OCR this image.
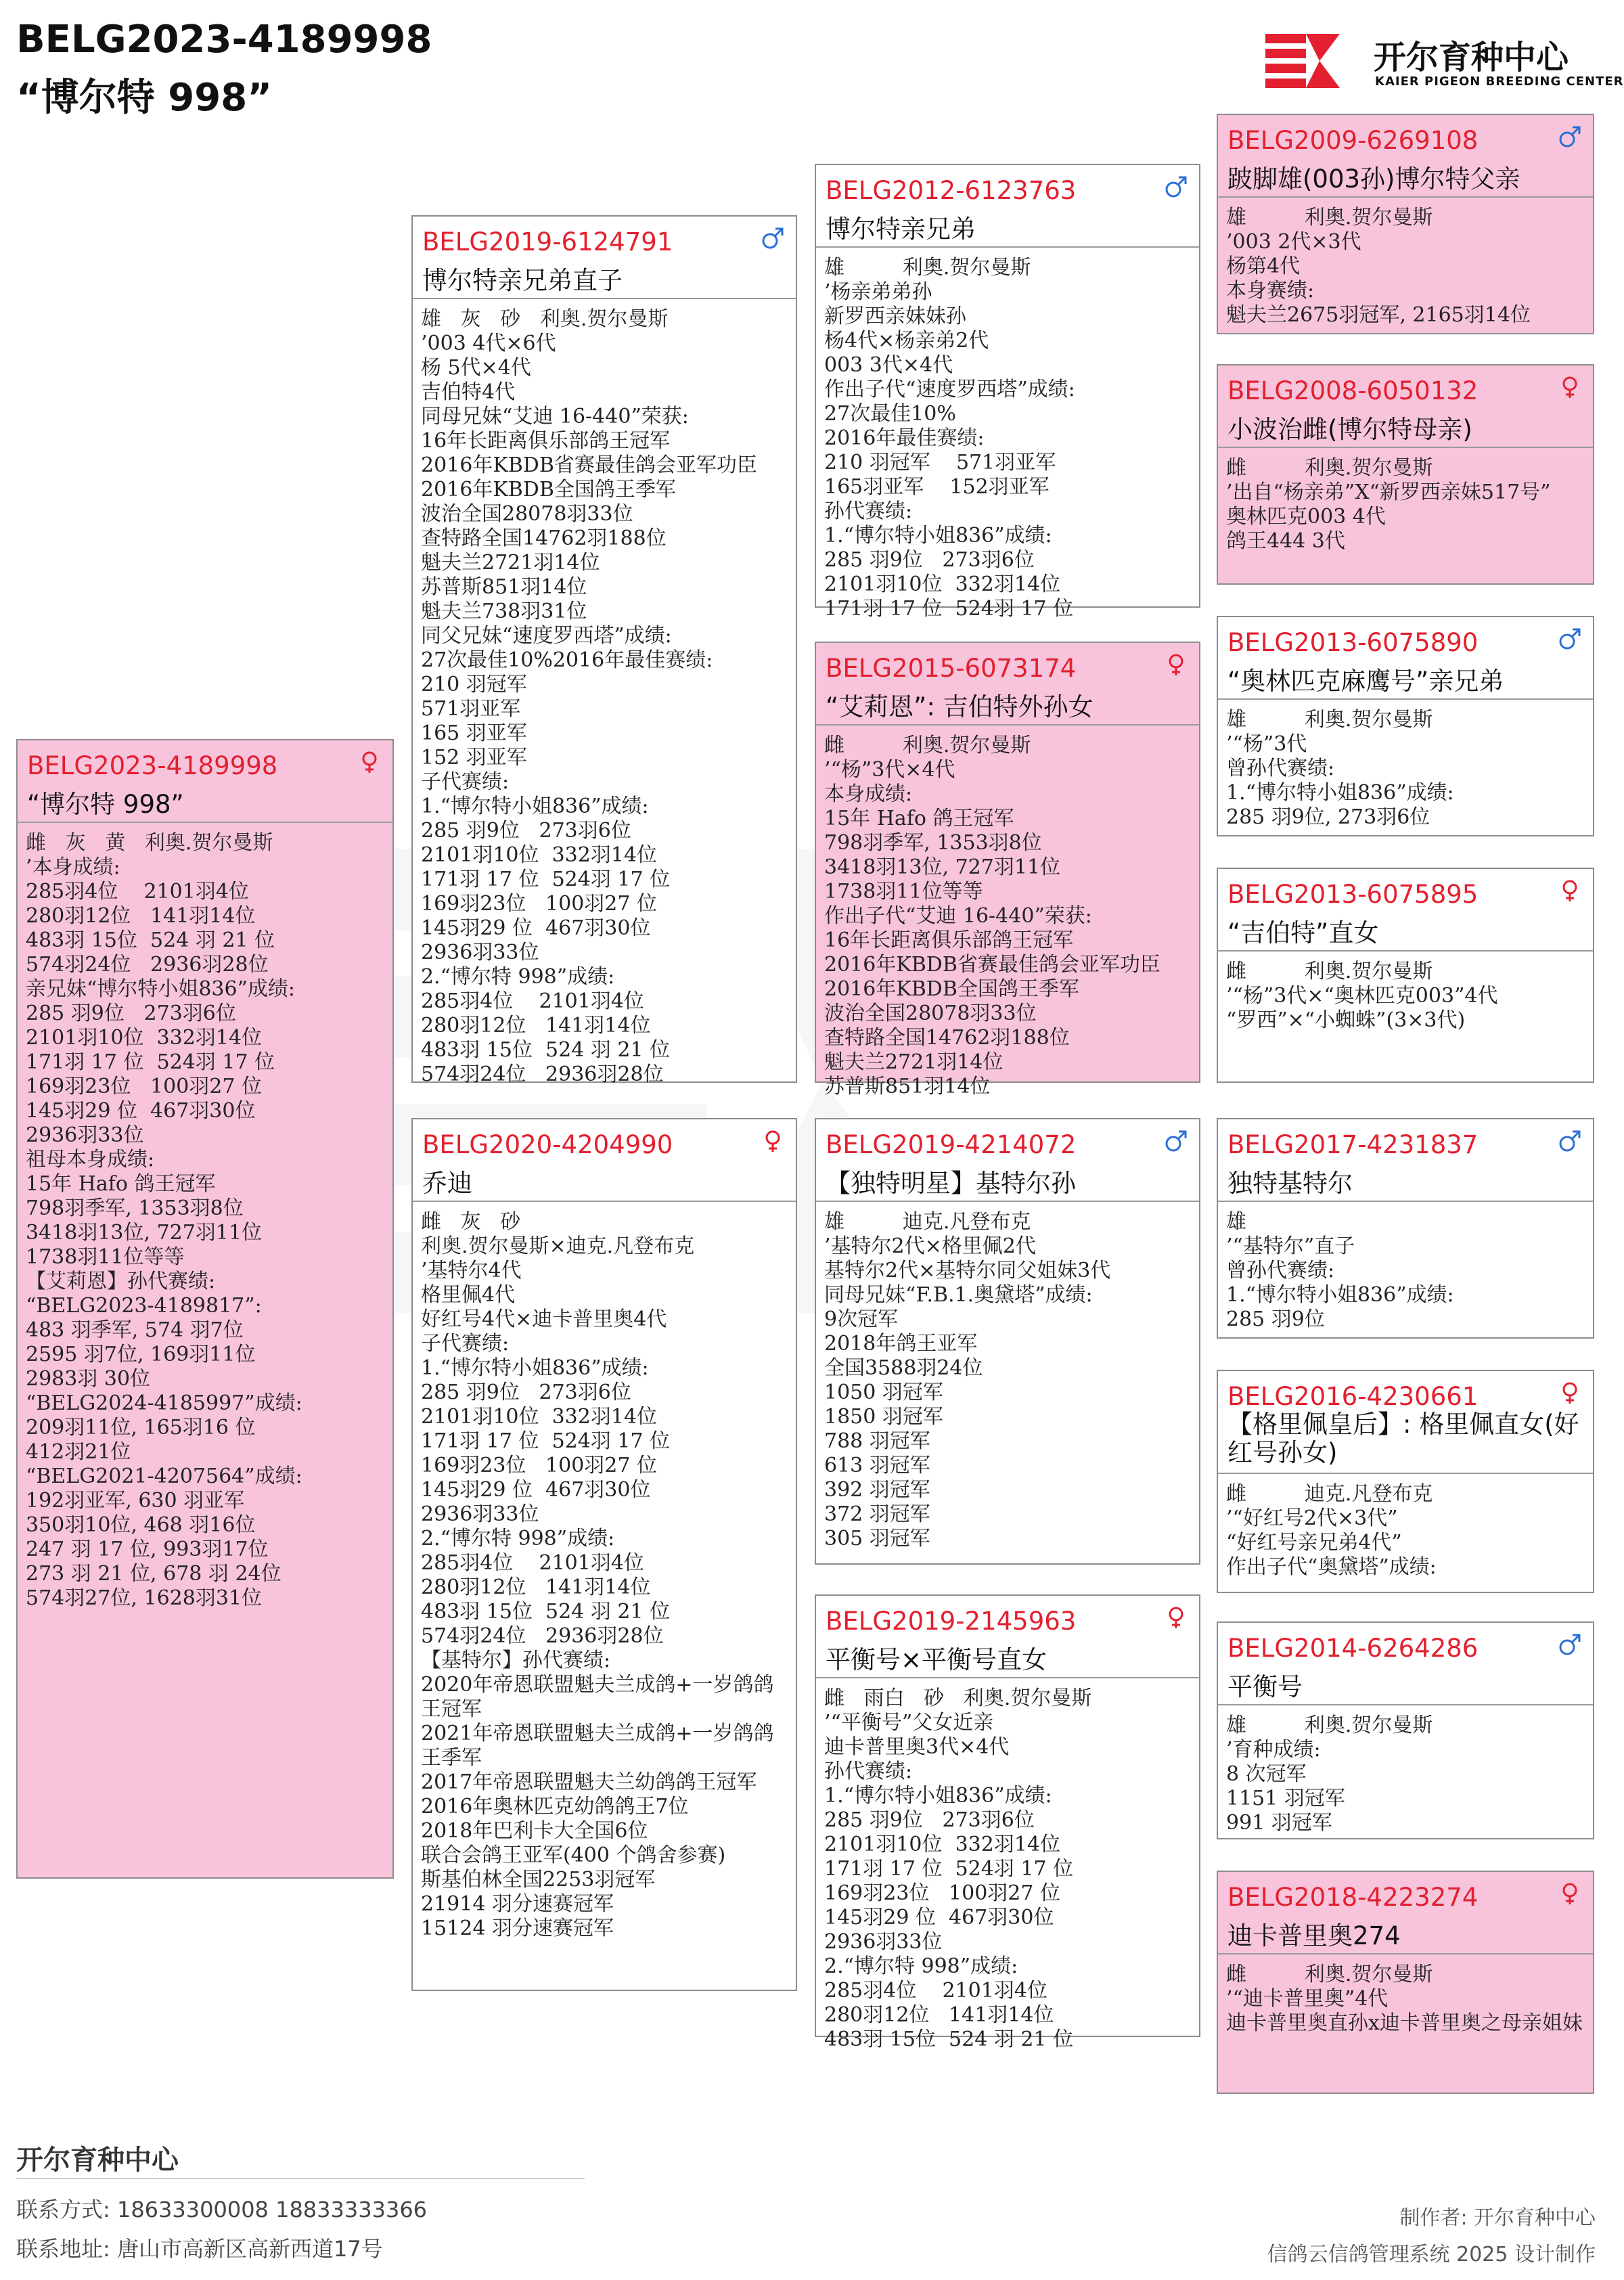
BELG2023-4189998
“博尔特 998”
开尔育种中心
KAIER PIGEON BREEDING CENTER
BELG2023-4189998
“博尔特 998”
雌   灰   黄   利奥.贺尔曼斯
’本身成绩:
285羽4位    2101羽4位
280羽12位   141羽14位
483羽 15位  524 羽 21 位
574羽24位   2936羽28位
亲兄妹“博尔特小姐836”成绩:
285 羽9位   273羽6位
2101羽10位  332羽14位
171羽 17 位  524羽 17 位
169羽23位   100羽27 位
145羽29 位  467羽30位
2936羽33位
祖母本身成绩:
15年 Hafo 鸽王冠军
798羽季军, 1353羽8位
3418羽13位, 727羽11位
1738羽11位等等
【艾莉恩】孙代赛绩:
“BELG2023-4189817”:
483 羽季军, 574 羽7位
2595 羽7位, 169羽11位
2983羽 30位
“BELG2024-4185997”成绩:
209羽11位, 165羽16 位
412羽21位
“BELG2021-4207564”成绩:
192羽亚军, 630 羽亚军
350羽10位, 468 羽16位
247 羽 17 位, 993羽17位
273 羽 21 位, 678 羽 24位
574羽27位, 1628羽31位
BELG2019-6124791
博尔特亲兄弟直子
雄   灰   砂   利奥.贺尔曼斯
’003 4代×6代
杨 5代×4代
吉伯特4代
同母兄妹“艾迪 16-440”荣获:
16年长距离俱乐部鸽王冠军
2016年KBDB省赛最佳鸽会亚军功臣
2016年KBDB全国鸽王季军
波治全国28078羽33位
查特路全国14762羽188位
魁夫兰2721羽14位
苏普斯851羽14位
魁夫兰738羽31位
同父兄妹“速度罗西塔”成绩:
27次最佳10%2016年最佳赛绩:
210 羽冠军
571羽亚军
165 羽亚军
152 羽亚军
子代赛绩:
1.“博尔特小姐836”成绩:
285 羽9位   273羽6位
2101羽10位  332羽14位
171羽 17 位  524羽 17 位
169羽23位   100羽27 位
145羽29 位  467羽30位
2936羽33位
2.“博尔特 998”成绩:
285羽4位    2101羽4位
280羽12位   141羽14位
483羽 15位  524 羽 21 位
574羽24位   2936羽28位
BELG2020-4204990
乔迪
雌   灰   砂
利奥.贺尔曼斯×迪克.凡登布克
’基特尔4代
格里佩4代
好红号4代×迪卡普里奥4代
子代赛绩:
1.“博尔特小姐836”成绩:
285 羽9位   273羽6位
2101羽10位  332羽14位
171羽 17 位  524羽 17 位
169羽23位   100羽27 位
145羽29 位  467羽30位
2936羽33位
2.“博尔特 998”成绩:
285羽4位    2101羽4位
280羽12位   141羽14位
483羽 15位  524 羽 21 位
574羽24位   2936羽28位
【基特尔】孙代赛绩:
2020年帝恩联盟魁夫兰成鸽+一岁鸽鸽王冠军
2021年帝恩联盟魁夫兰成鸽+一岁鸽鸽王季军
2017年帝恩联盟魁夫兰幼鸽鸽王冠军
2016年奥林匹克幼鸽鸽王7位
2018年巴利卡大全国6位
联合会鸽王亚军(400 个鸽舍参赛)
斯基伯林全国2253羽冠军
21914 羽分速赛冠军
15124 羽分速赛冠军
BELG2012-6123763
博尔特亲兄弟
雄         利奥.贺尔曼斯
’杨亲弟弟孙
新罗西亲妹妹孙
杨4代×杨亲弟2代
003 3代×4代
作出子代“速度罗西塔”成绩:
27次最佳10%
2016年最佳赛绩:
210 羽冠军    571羽亚军
165羽亚军    152羽亚军
孙代赛绩:
1.“博尔特小姐836”成绩:
285 羽9位   273羽6位
2101羽10位  332羽14位
171羽 17 位  524羽 17 位
BELG2015-6073174
“艾莉恩”: 吉伯特外孙女
雌         利奥.贺尔曼斯
’“杨”3代×4代
本身成绩:
15年 Hafo 鸽王冠军
798羽季军, 1353羽8位
3418羽13位, 727羽11位
1738羽11位等等
作出子代“艾迪 16-440”荣获:
16年长距离俱乐部鸽王冠军
2016年KBDB省赛最佳鸽会亚军功臣
2016年KBDB全国鸽王季军
波治全国28078羽33位
查特路全国14762羽188位
魁夫兰2721羽14位
苏普斯851羽14位
BELG2019-4214072
【独特明星】基特尔孙
雄         迪克.凡登布克
’基特尔2代×格里佩2代
基特尔2代×基特尔同父姐妹3代
同母兄妹“F.B.1.奥黛塔”成绩:
9次冠军
2018年鸽王亚军
全国3588羽24位
1050 羽冠军
1850 羽冠军
788 羽冠军
613 羽冠军
392 羽冠军
372 羽冠军
305 羽冠军
BELG2019-2145963
平衡号×平衡号直女
雌   雨白   砂   利奥.贺尔曼斯
’“平衡号”父女近亲
迪卡普里奥3代×4代
孙代赛绩:
1.“博尔特小姐836”成绩:
285 羽9位   273羽6位
2101羽10位  332羽14位
171羽 17 位  524羽 17 位
169羽23位   100羽27 位
145羽29 位  467羽30位
2936羽33位
2.“博尔特 998”成绩:
285羽4位    2101羽4位
280羽12位   141羽14位
483羽 15位  524 羽 21 位
BELG2009-6269108
跛脚雄(003孙)博尔特父亲
雄         利奥.贺尔曼斯
’003 2代×3代
杨第4代
本身赛绩:
魁夫兰2675羽冠军, 2165羽14位
BELG2008-6050132
小波治雌(博尔特母亲)
雌         利奥.贺尔曼斯
’出自“杨亲弟”X“新罗西亲妹517号”
奥林匹克003 4代
鸽王444 3代
BELG2013-6075890
“奥林匹克麻鹰号”亲兄弟
雄         利奥.贺尔曼斯
’“杨”3代
曾孙代赛绩:
1.“博尔特小姐836”成绩:
285 羽9位, 273羽6位
BELG2013-6075895
“吉伯特”直女
雌         利奥.贺尔曼斯
’“杨”3代×“奥林匹克003”4代
“罗西”×“小蜘蛛”(3×3代)
BELG2017-4231837
独特基特尔
雄
’“基特尔”直子
曾孙代赛绩:
1.“博尔特小姐836”成绩:
285 羽9位
BELG2016-4230661
【格里佩皇后】: 格里佩直女(好红号孙女)
雌         迪克.凡登布克
’“好红号2代×3代”
“好红号亲兄弟4代”
作出子代“奥黛塔”成绩:
BELG2014-6264286
平衡号
雄         利奥.贺尔曼斯
’育种成绩:
8 次冠军
1151 羽冠军
991 羽冠军
BELG2018-4223274
迪卡普里奥274
雌         利奥.贺尔曼斯
’“迪卡普里奥”4代
迪卡普里奥直孙x迪卡普里奥之母亲姐妹
开尔育种中心
联系方式: 18633300008 18833333366
联系地址: 唐山市高新区高新西道17号
制作者: 开尔育种中心
信鸽云信鸽管理系统 2025 设计制作
